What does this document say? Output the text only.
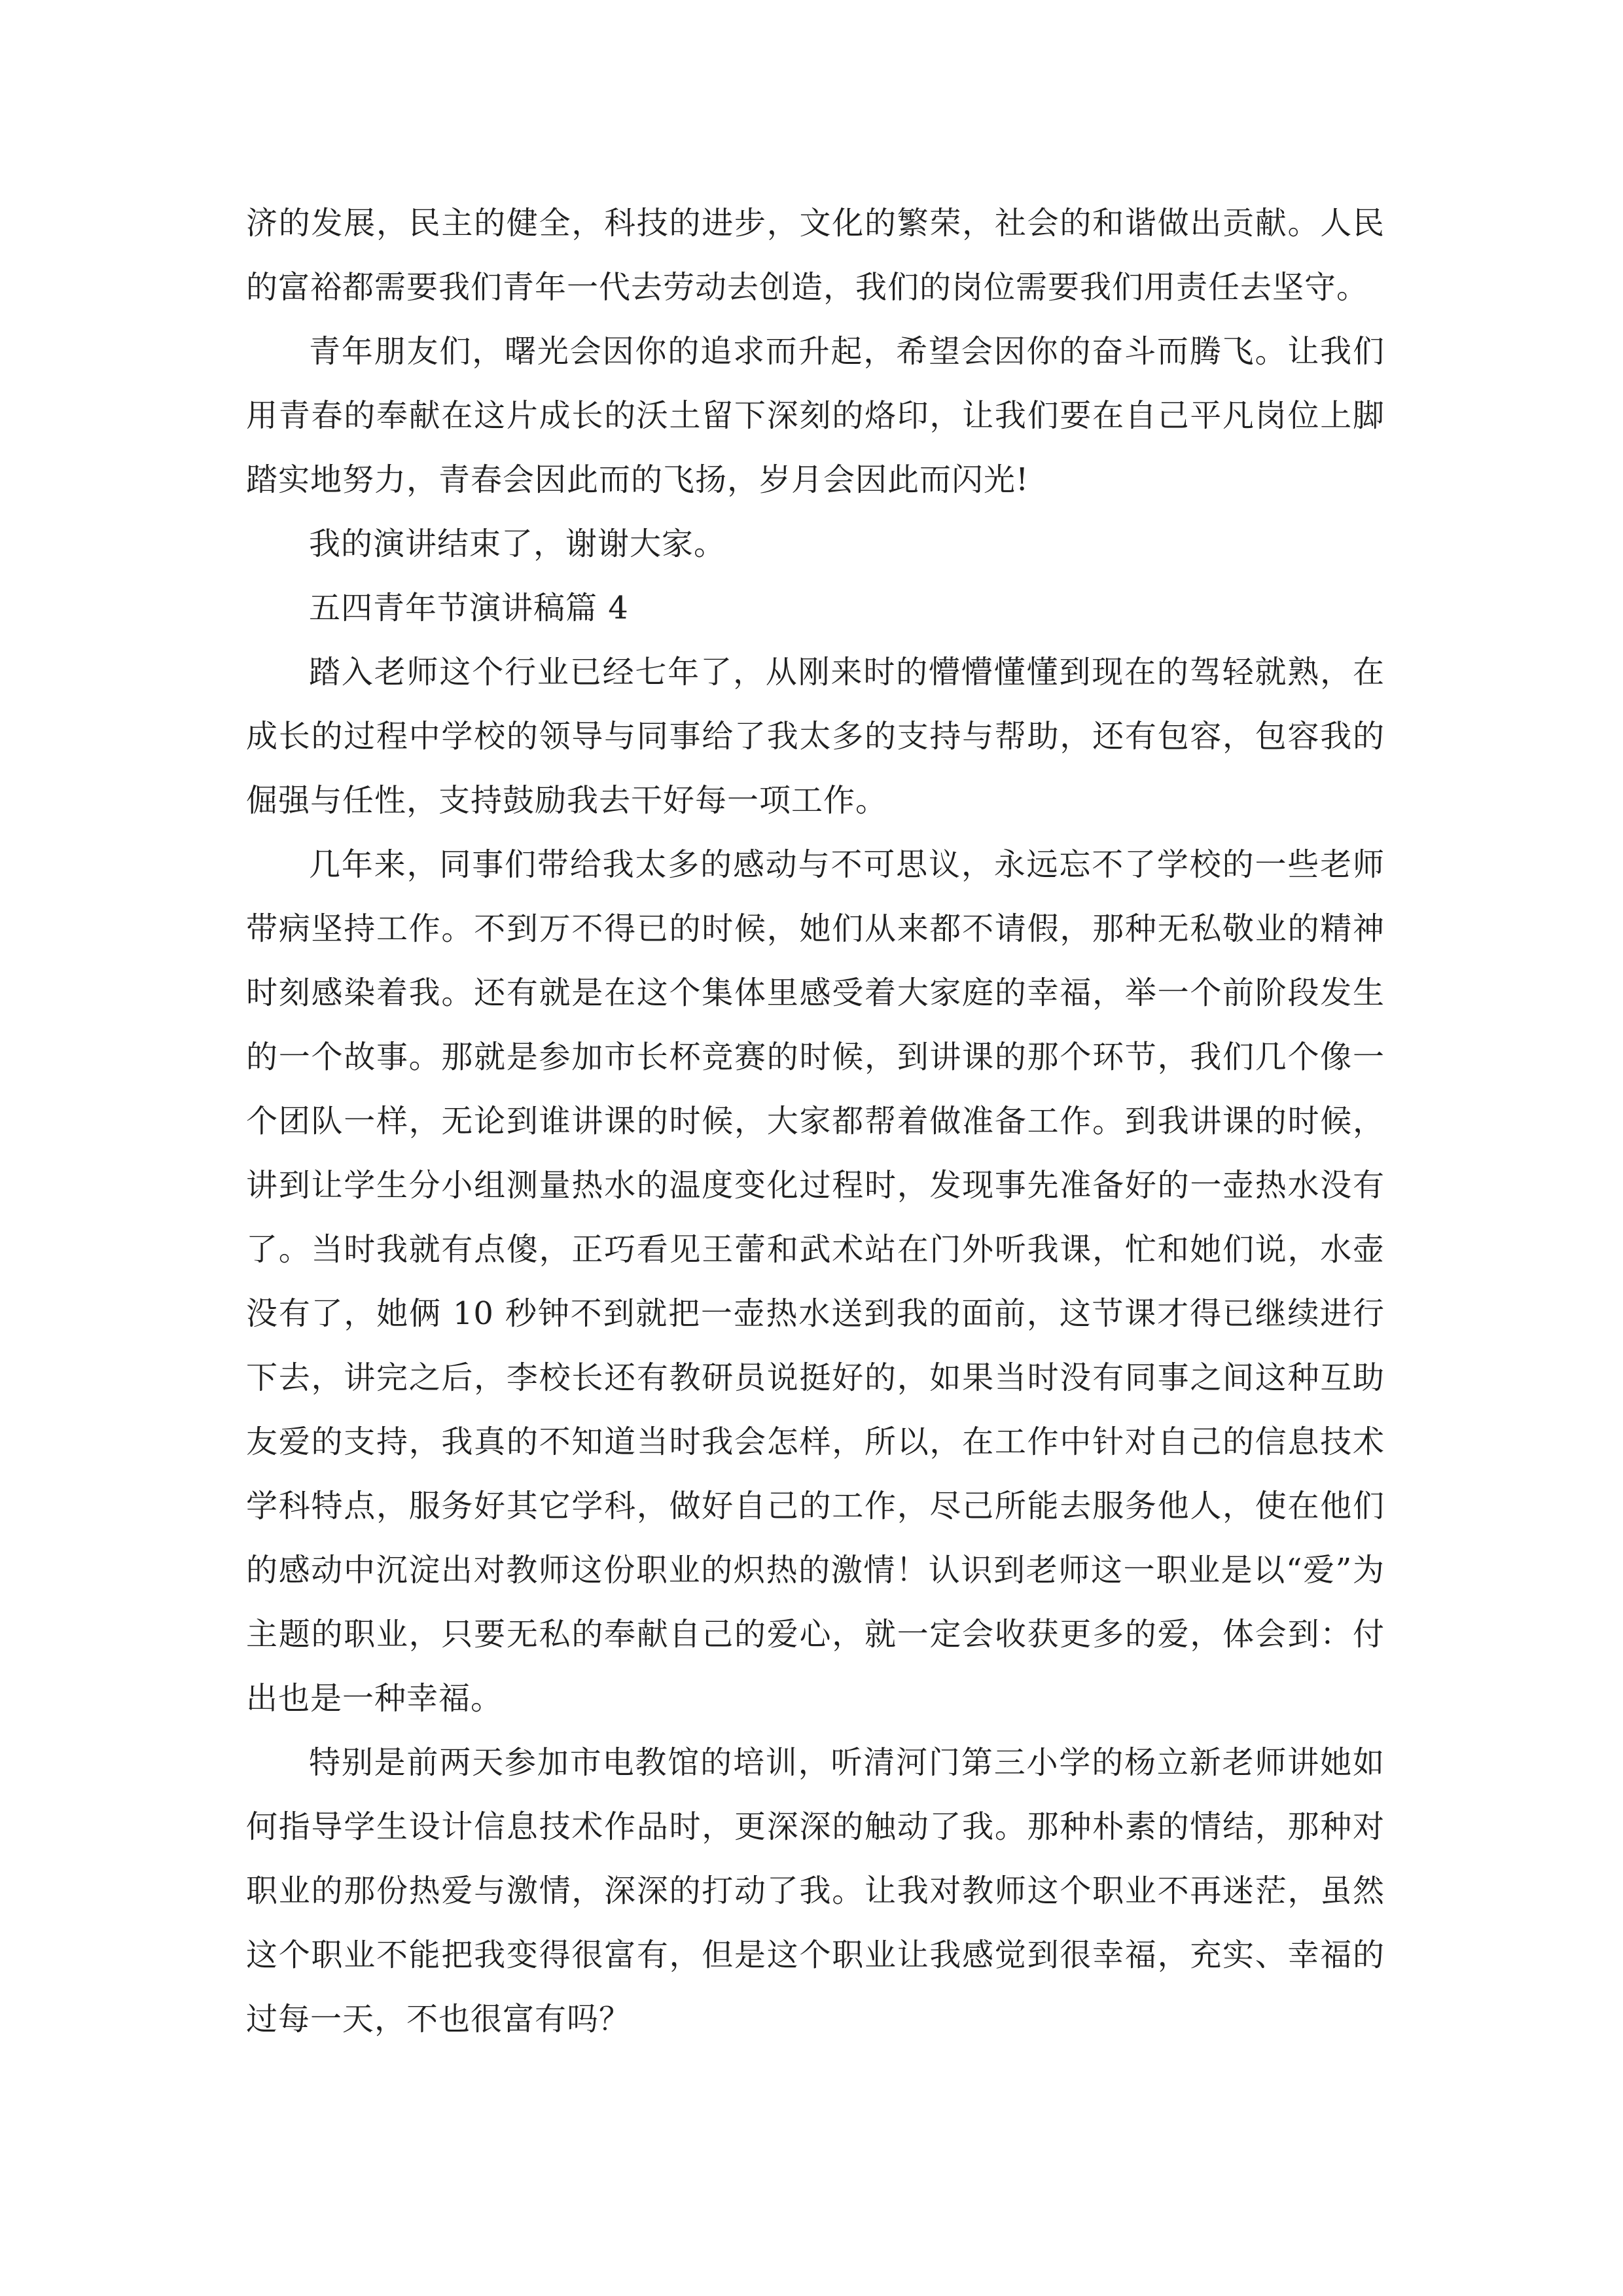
济的发展，民主的健全，科技的进步，文化的繁荣，社会的和谐做出贡献。人民的富裕都需要我们青年一代去劳动去创造，我们的岗位需要我们用责任去坚守。

青年朋友们，曙光会因你的追求而升起，希望会因你的奋斗而腾飞。让我们用青春的奉献在这片成长的沃土留下深刻的烙印，让我们要在自己平凡岗位上脚踏实地努力，青春会因此而的飞扬，岁月会因此而闪光!

我的演讲结束了，谢谢大家。

五四青年节演讲稿篇 4

踏入老师这个行业已经七年了，从刚来时的懵懵懂懂到现在的驾轻就熟，在成长的过程中学校的领导与同事给了我太多的支持与帮助，还有包容，包容我的倔强与任性，支持鼓励我去干好每一项工作。

几年来，同事们带给我太多的感动与不可思议，永远忘不了学校的一些老师带病坚持工作。不到万不得已的时候，她们从来都不请假，那种无私敬业的精神时刻感染着我。还有就是在这个集体里感受着大家庭的幸福，举一个前阶段发生的一个故事。那就是参加市长杯竞赛的时候，到讲课的那个环节，我们几个像一个团队一样，无论到谁讲课的时候，大家都帮着做准备工作。到我讲课的时候，讲到让学生分小组测量热水的温度变化过程时，发现事先准备好的一壶热水没有了。当时我就有点傻，正巧看见王蕾和武术站在门外听我课，忙和她们说，水壶没有了，她俩 10 秒钟不到就把一壶热水送到我的面前，这节课才得已继续进行下去，讲完之后，李校长还有教研员说挺好的，如果当时没有同事之间这种互助友爱的支持，我真的不知道当时我会怎样，所以，在工作中针对自己的信息技术学科特点，服务好其它学科，做好自己的工作，尽己所能去服务他人，使在他们的感动中沉淀出对教师这份职业的炽热的激情！认识到老师这一职业是以“爱”为主题的职业，只要无私的奉献自己的爱心，就一定会收获更多的爱，体会到：付出也是一种幸福。

特别是前两天参加市电教馆的培训，听清河门第三小学的杨立新老师讲她如何指导学生设计信息技术作品时，更深深的触动了我。那种朴素的情结，那种对职业的那份热爱与激情，深深的打动了我。让我对教师这个职业不再迷茫，虽然这个职业不能把我变得很富有，但是这个职业让我感觉到很幸福，充实、幸福的过每一天，不也很富有吗？
